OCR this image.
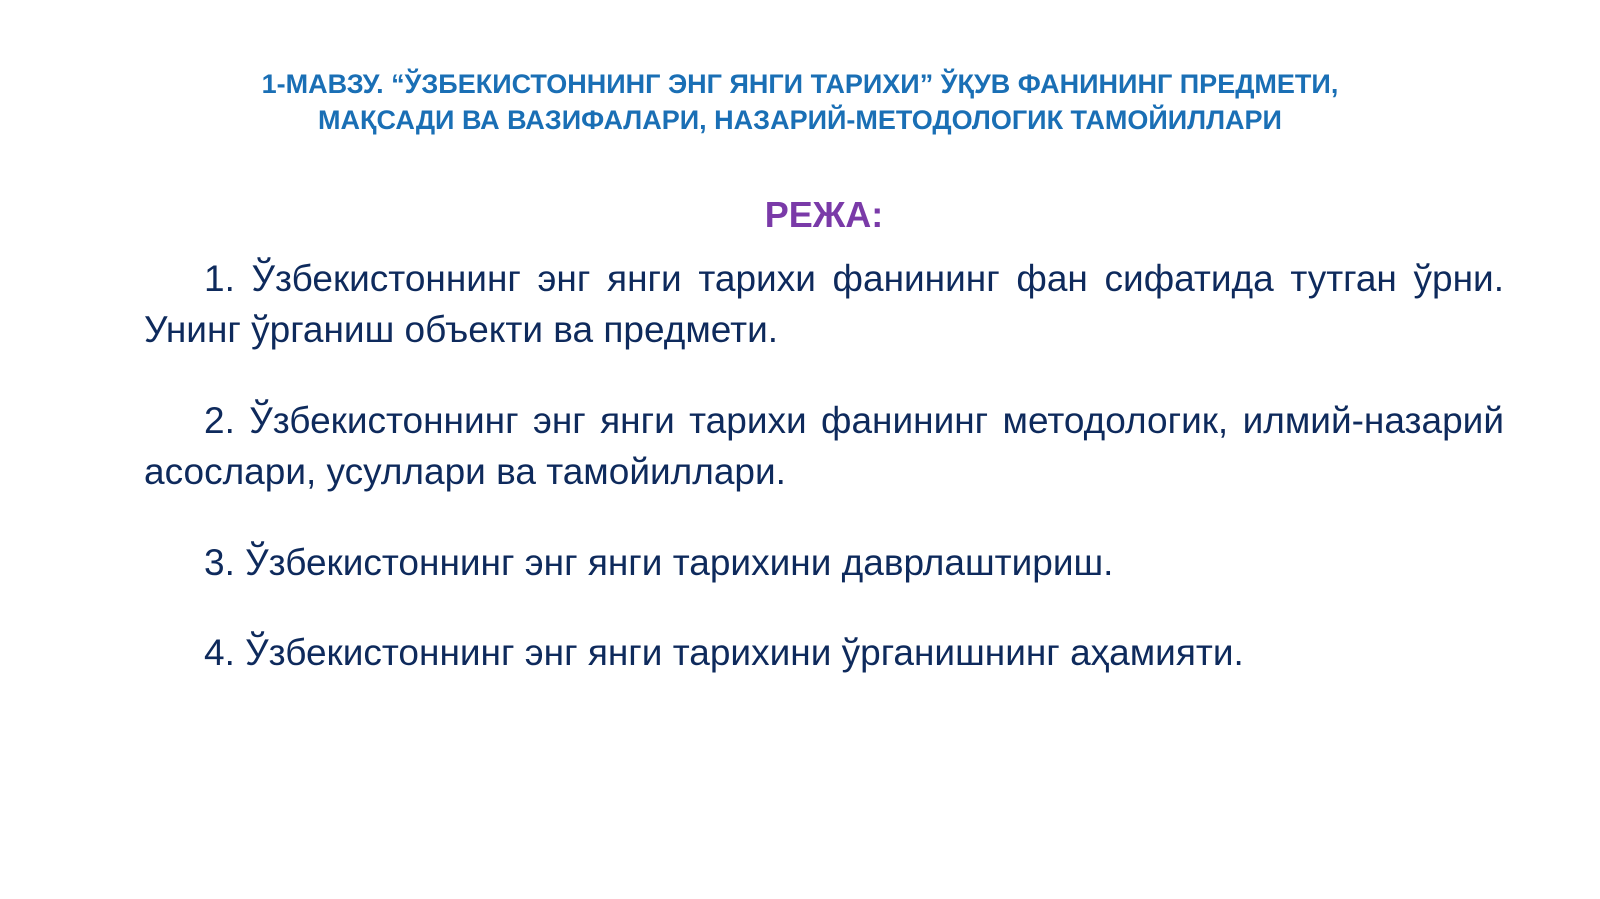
1-МАВЗУ. “ЎЗБЕКИСТОННИНГ ЭНГ ЯНГИ ТАРИХИ” ЎҚУВ ФАНИНИНГ ПРЕДМЕТИ,
МАҚСАДИ ВА ВАЗИФАЛАРИ, НАЗАРИЙ-МЕТОДОЛОГИК ТАМОЙИЛЛАРИ
РЕЖА:

1. Ўзбекистоннинг энг янги тарихи фанининг фан сифатида тутган ўрни. Унинг ўрганиш объекти ва предмети.

2. Ўзбекистоннинг энг янги тарихи фанининг методологик, илмий-назарий асослари, усуллари ва тамойиллари.

3. Ўзбекистоннинг энг янги тарихини даврлаштириш.

4. Ўзбекистоннинг энг янги тарихини ўрганишнинг аҳамияти.
